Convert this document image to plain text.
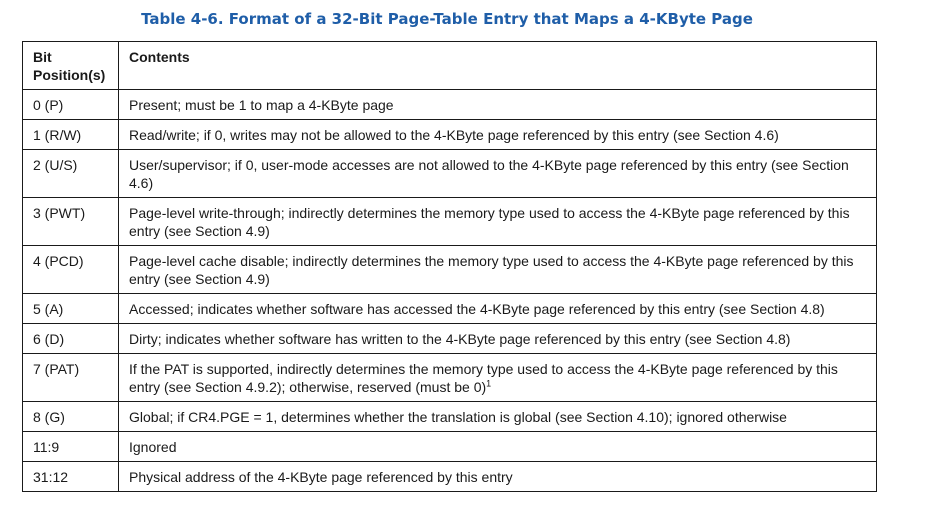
Table 4-6. Format of a 32-Bit Page-Table Entry that Maps a 4-KByte Page
Bit Position(s)	Contents
0 (P)	Present; must be 1 to map a 4-KByte page
1 (R/W)	Read/write; if 0, writes may not be allowed to the 4-KByte page referenced by this entry (see Section 4.6)
2 (U/S)	User/supervisor; if 0, user-mode accesses are not allowed to the 4-KByte page referenced by this entry (see Section 4.6)
3 (PWT)	Page-level write-through; indirectly determines the memory type used to access the 4-KByte page referenced by this entry (see Section 4.9)
4 (PCD)	Page-level cache disable; indirectly determines the memory type used to access the 4-KByte page referenced by this entry (see Section 4.9)
5 (A)	Accessed; indicates whether software has accessed the 4-KByte page referenced by this entry (see Section 4.8)
6 (D)	Dirty; indicates whether software has written to the 4-KByte page referenced by this entry (see Section 4.8)
7 (PAT)	If the PAT is supported, indirectly determines the memory type used to access the 4-KByte page referenced by this entry (see Section 4.9.2); otherwise, reserved (must be 0)$^1$
8 (G)	Global; if CR4.PGE = 1, determines whether the translation is global (see Section 4.10); ignored otherwise
11:9	Ignored
31:12	Physical address of the 4-KByte page referenced by this entry
